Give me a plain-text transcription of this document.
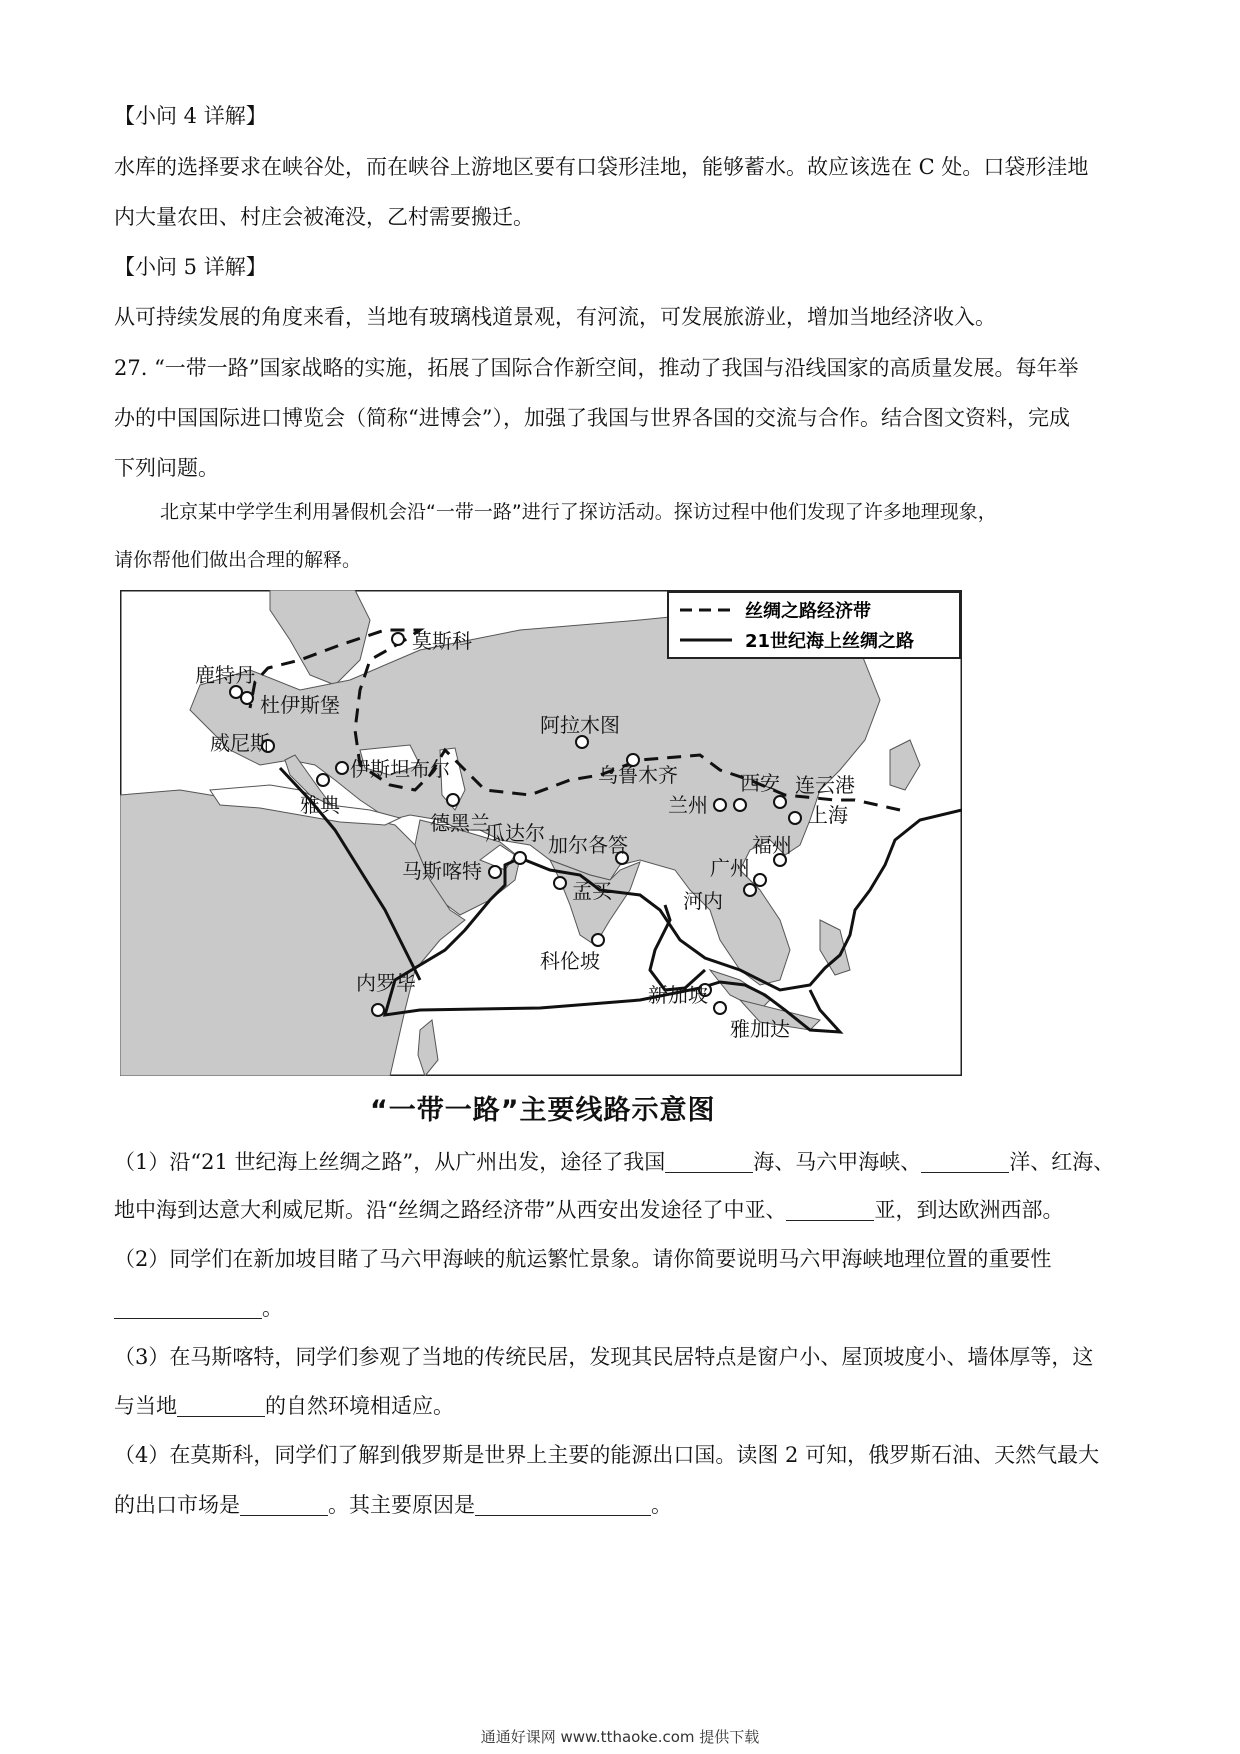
【小问 4 详解】
水库的选择要求在峡谷处，而在峡谷上游地区要有口袋形洼地，能够蓄水。故应该选在 C 处。口袋形洼地
内大量农田、村庄会被淹没，乙村需要搬迁。
【小问 5 详解】
从可持续发展的角度来看，当地有玻璃栈道景观，有河流，可发展旅游业，增加当地经济收入。
27. “一带一路”国家战略的实施，拓展了国际合作新空间，推动了我国与沿线国家的高质量发展。每年举
办的中国国际进口博览会（简称“进博会”），加强了我国与世界各国的交流与合作。结合图文资料，完成
下列问题。
北京某中学学生利用暑假机会沿“一带一路”进行了探访活动。探访过程中他们发现了许多地理现象，
请你帮他们做出合理的解释。
丝绸之路经济带
21世纪海上丝绸之路
莫斯科
鹿特丹
杜伊斯堡
威尼斯
伊斯坦布尔
雅典
德黑兰
阿拉木图
乌鲁木齐
兰州
西安 连云港
上海
福州
广州
河内
瓜达尔
马斯喀特
加尔各答
孟买
科伦坡
内罗毕	新加坡
雅加达
“一带一路”主要线路示意图
（1）沿“21 世纪海上丝绸之路”，从广州出发，途径了我国	海、马六甲海峡、	洋、红海、
地中海到达意大利威尼斯。沿“丝绸之路经济带”从西安出发途径了中亚、	亚，到达欧洲西部。
（2）同学们在新加坡目睹了马六甲海峡的航运繁忙景象。请你简要说明马六甲海峡地理位置的重要性
。
（3）在马斯喀特，同学们参观了当地的传统民居，发现其民居特点是窗户小、屋顶坡度小、墙体厚等，这
与当地	的自然环境相适应。
（4）在莫斯科，同学们了解到俄罗斯是世界上主要的能源出口国。读图 2 可知，俄罗斯石油、天然气最大
的出口市场是	。其主要原因是	。
通通好课网 www.tthaoke.com 提供下载
